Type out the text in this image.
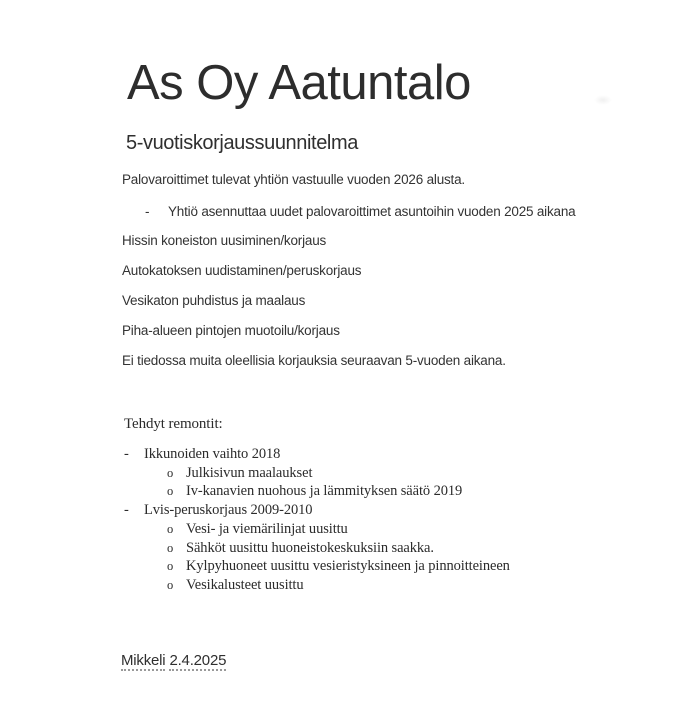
As Oy Aatuntalo
5-vuotiskorjaussuunnitelma

Palovaroittimet tulevat yhtiön vastuulle vuoden 2026 alusta.

-	Yhtiö asennuttaa uudet palovaroittimet asuntoihin vuoden 2025 aikana

Hissin koneiston uusiminen/korjaus

Autokatoksen uudistaminen/peruskorjaus

Vesikaton puhdistus ja maalaus

Piha-alueen pintojen muotoilu/korjaus

Ei tiedossa muita oleellisia korjauksia seuraavan 5-vuoden aikana.

Tehdyt remontit:
-	Ikkunoiden vaihto 2018
o Julkisivun maalaukset
o Iv-kanavien nuohous ja lämmityksen säätö 2019
-	Lvis-peruskorjaus 2009-2010
o Vesi- ja viemärilinjat uusittu
o Sähköt uusittu huoneistokeskuksiin saakka.
o Kylpyhuoneet uusittu vesieristyksineen ja pinnoitteineen
o Vesikalusteet uusittu
Mikkeli 2.4.2025
